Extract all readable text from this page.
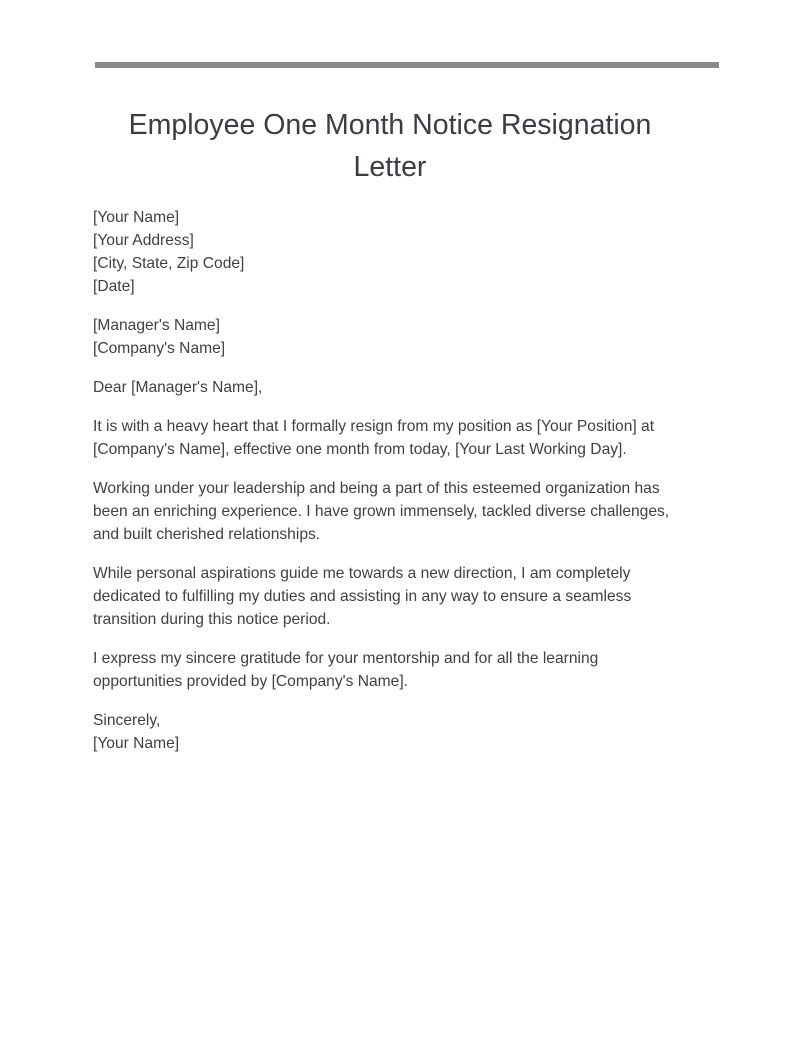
Employee One Month Notice Resignation
Letter
[Your Name]
[Your Address]
[City, State, Zip Code]
[Date]
[Manager's Name]
[Company's Name]
Dear [Manager's Name],
It is with a heavy heart that I formally resign from my position as [Your Position] at
[Company's Name], effective one month from today, [Your Last Working Day].
Working under your leadership and being a part of this esteemed organization has
been an enriching experience. I have grown immensely, tackled diverse challenges,
and built cherished relationships.
While personal aspirations guide me towards a new direction, I am completely
dedicated to fulfilling my duties and assisting in any way to ensure a seamless
transition during this notice period.
I express my sincere gratitude for your mentorship and for all the learning
opportunities provided by [Company's Name].
Sincerely,
[Your Name]
